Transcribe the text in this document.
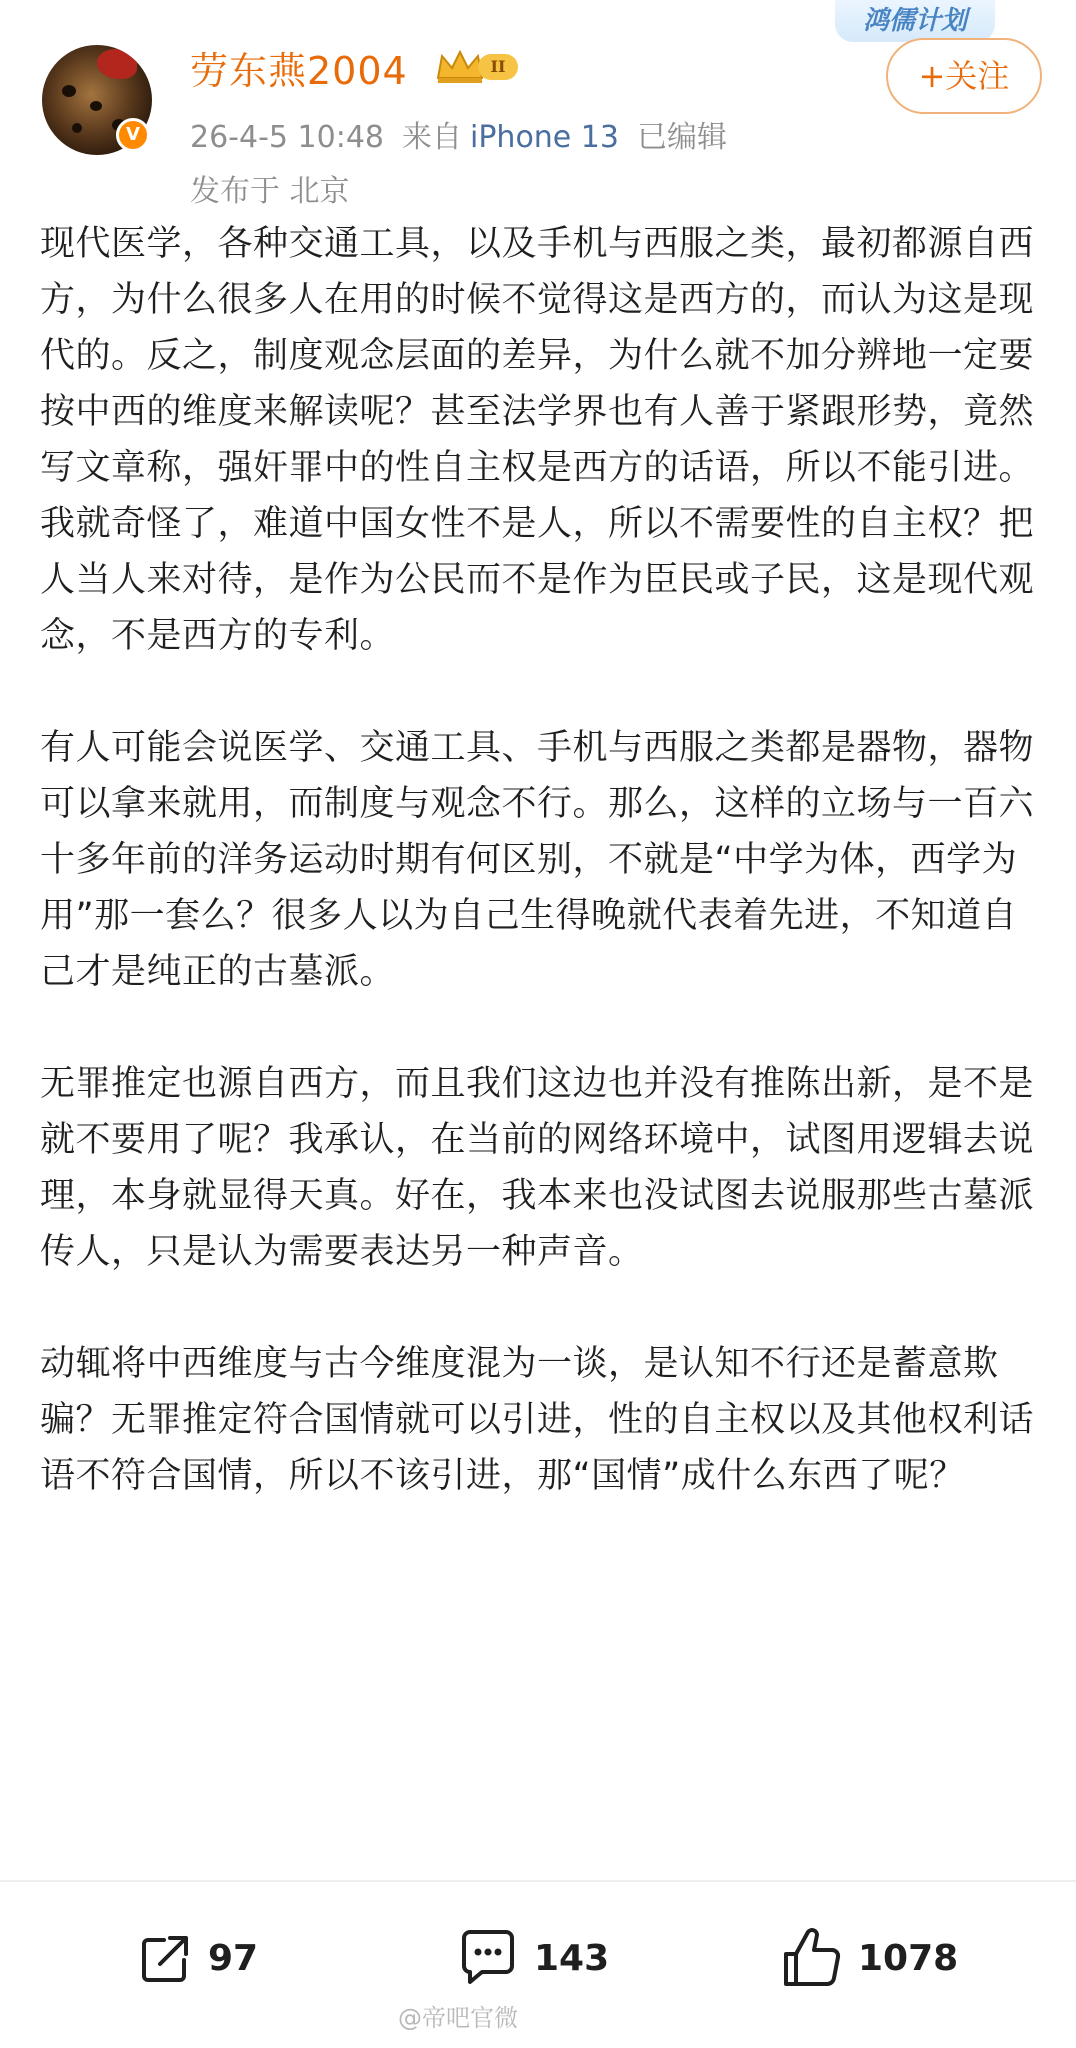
V
劳东燕2004	II
26-4-5 10:48 来自 iPhone 13 已编辑
发布于 北京
鸿儒计划
+关注

现代医学，各种交通工具，以及手机与西服之类，最初都源自西方，为什么很多人在用的时候不觉得这是西方的，而认为这是现代的。反之，制度观念层面的差异，为什么就不加分辨地一定要按中西的维度来解读呢？甚至法学界也有人善于紧跟形势，竟然写文章称，强奸罪中的性自主权是西方的话语，所以不能引进。我就奇怪了，难道中国女性不是人，所以不需要性的自主权？把人当人来对待，是作为公民而不是作为臣民或子民，这是现代观念，不是西方的专利。

有人可能会说医学、交通工具、手机与西服之类都是器物，器物可以拿来就用，而制度与观念不行。那么，这样的立场与一百六十多年前的洋务运动时期有何区别，不就是“中学为体，西学为用”那一套么？很多人以为自己生得晚就代表着先进，不知道自己才是纯正的古墓派。

无罪推定也源自西方，而且我们这边也并没有推陈出新，是不是就不要用了呢？我承认，在当前的网络环境中，试图用逻辑去说理，本身就显得天真。好在，我本来也没试图去说服那些古墓派传人，只是认为需要表达另一种声音。

动辄将中西维度与古今维度混为一谈，是认知不行还是蓄意欺骗？无罪推定符合国情就可以引进，性的自主权以及其他权利话语不符合国情，所以不该引进，那“国情”成什么东西了呢？

97	143	1078
@帝吧官微
